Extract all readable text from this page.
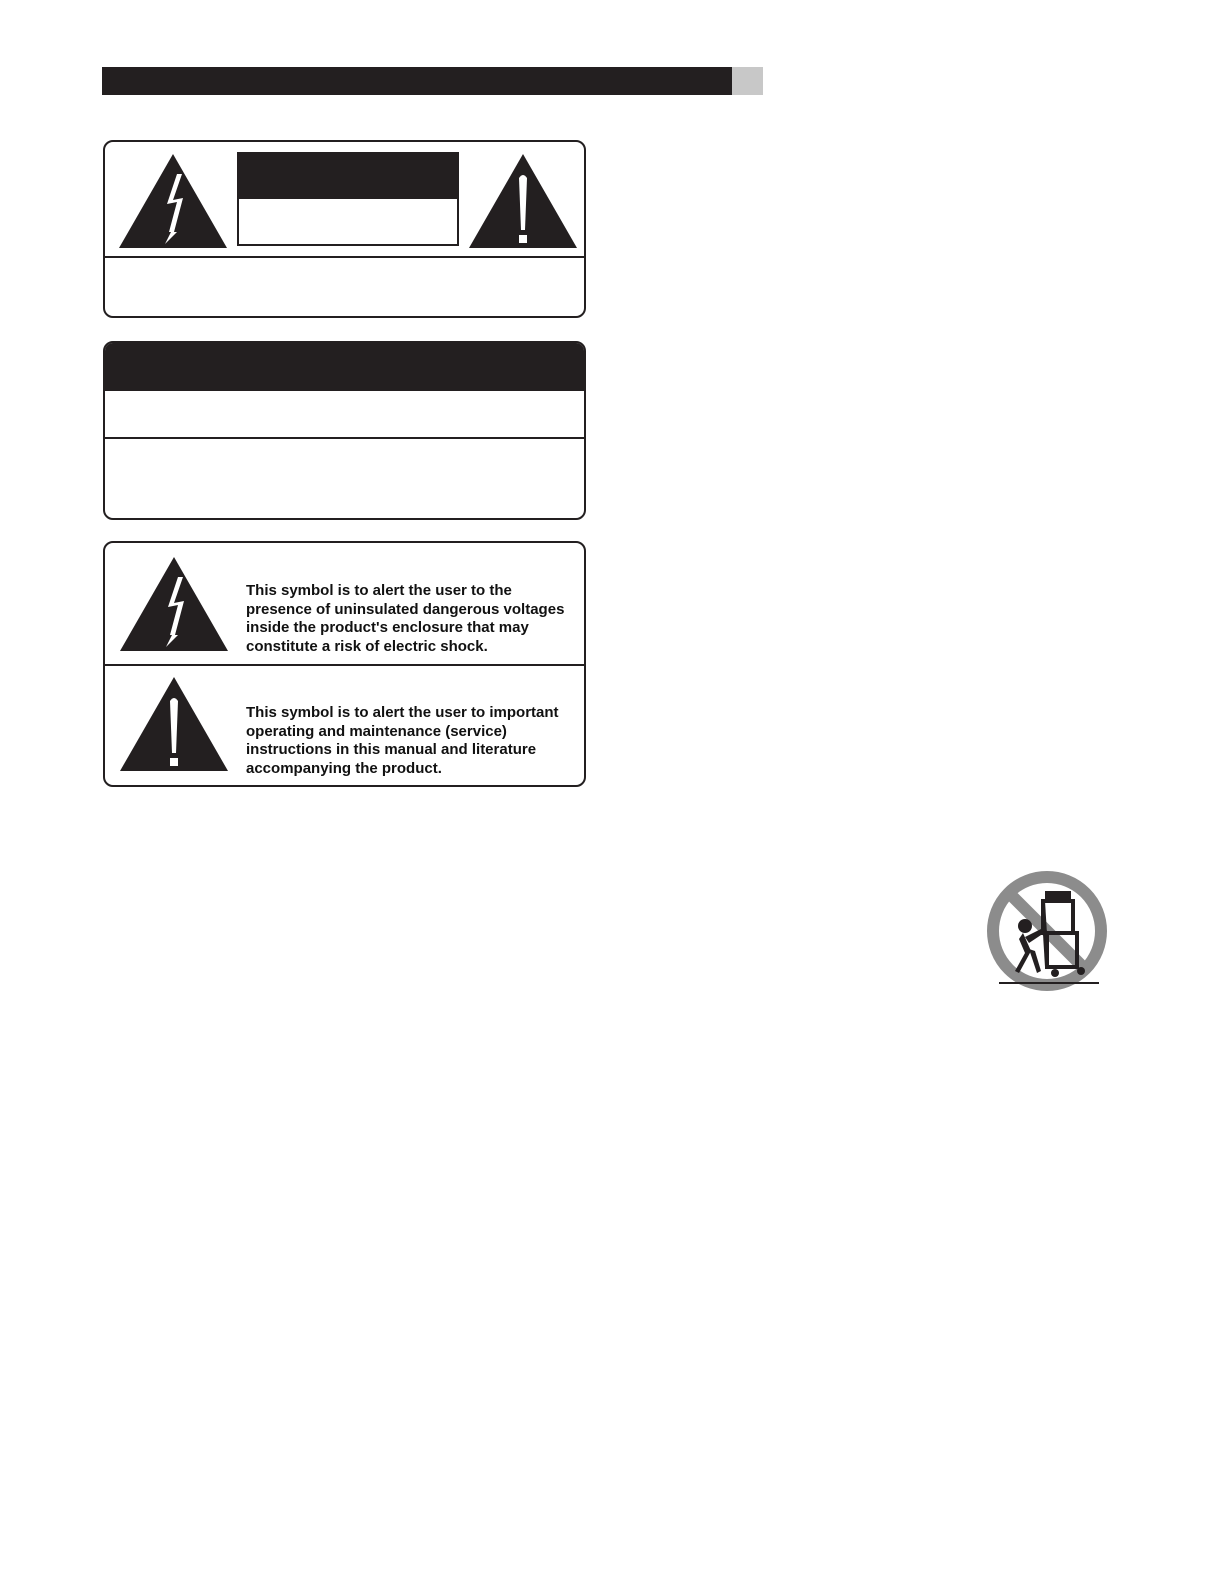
This symbol is to alert the user to the presence of uninsulated dangerous voltages inside the product's enclosure that may constitute a risk of electric shock.
This symbol is to alert the user to important operating and maintenance (service) instructions in this manual and literature accompanying the product.
